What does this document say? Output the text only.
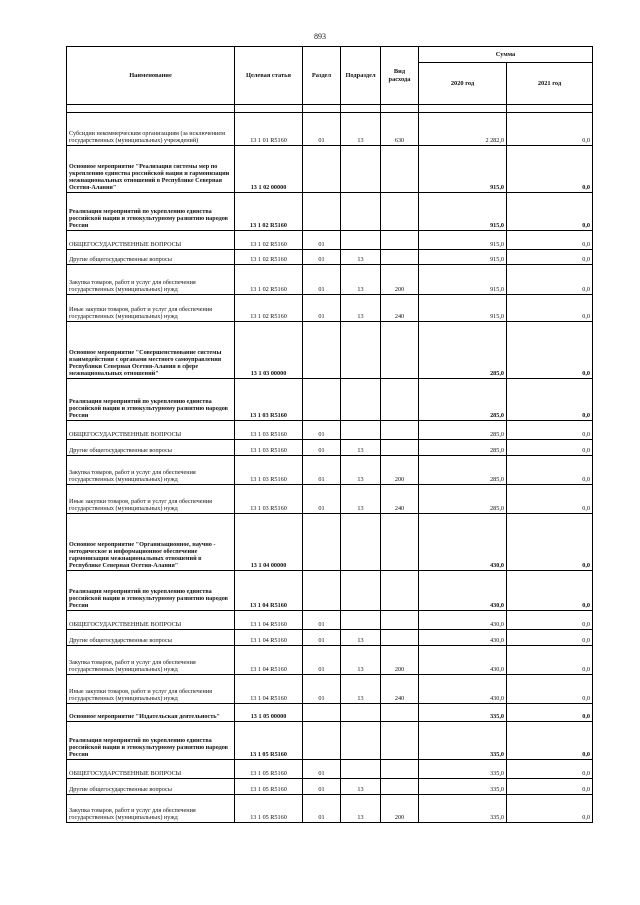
893
Наименование	Целевая статья	Раздел	Подраздел	Вид расхода	Сумма	
					2020 год	2021 год

Субсидии некоммерческим организациям (за исключением государственных (муниципальных) учреждений)	13 1 01 R5160	01	13	630	2 282,0	0,0
Основное мероприятие "Реализация системы мер по укреплению единства российской нации и гармонизации межнациональных отношений в Республике Северная Осетия-Алания"	13 1 02 00000				915,0	0,0
Реализация мероприятий по укреплению единства российской нации и этнокультурному развитию народов России	13 1 02 R5160				915,0	0,0
ОБЩЕГОСУДАРСТВЕННЫЕ ВОПРОСЫ	13 1 02 R5160	01			915,0	0,0
Другие общегосударственные вопросы	13 1 02 R5160	01	13		915,0	0,0
Закупка товаров, работ и услуг для обеспечения государственных (муниципальных) нужд	13 1 02 R5160	01	13	200	915,0	0,0
Иные закупки товаров, работ и услуг для обеспечения государственных (муниципальных) нужд	13 1 02 R5160	01	13	240	915,0	0,0
Основное мероприятие "Совершенствование системы взаимодействия с органами местного самоуправления Республики Северная Осетия-Алания в сфере межнациональных отношений"	13 1 03 00000				285,0	0,0
Реализация мероприятий по укреплению единства российской нации и этнокультурному развитию народов России	13 1 03 R5160				285,0	0,0
ОБЩЕГОСУДАРСТВЕННЫЕ ВОПРОСЫ	13 1 03 R5160	01			285,0	0,0
Другие общегосударственные вопросы	13 1 03 R5160	01	13		285,0	0,0
Закупка товаров, работ и услуг для обеспечения государственных (муниципальных) нужд	13 1 03 R5160	01	13	200	285,0	0,0
Иные закупки товаров, работ и услуг для обеспечения государственных (муниципальных) нужд	13 1 03 R5160	01	13	240	285,0	0,0
Основное мероприятие "Организационное, научно - методическое и информационное обеспечение гармонизации межнациональных отношений в Республике Северная Осетия-Алания"	13 1 04 00000				430,0	0,0
Реализация мероприятий по укреплению единства российской нации и этнокультурному развитию народов России	13 1 04 R5160				430,0	0,0
ОБЩЕГОСУДАРСТВЕННЫЕ ВОПРОСЫ	13 1 04 R5160	01			430,0	0,0
Другие общегосударственные вопросы	13 1 04 R5160	01	13		430,0	0,0
Закупка товаров, работ и услуг для обеспечения государственных (муниципальных) нужд	13 1 04 R5160	01	13	200	430,0	0,0
Иные закупки товаров, работ и услуг для обеспечения государственных (муниципальных) нужд	13 1 04 R5160	01	13	240	430,0	0,0
Основное мероприятие "Издательская деятельность"	13 1 05 00000				335,0	0,0
Реализация мероприятий по укреплению единства российской нации и этнокультурному развитию народов России	13 1 05 R5160				335,0	0,0
ОБЩЕГОСУДАРСТВЕННЫЕ ВОПРОСЫ	13 1 05 R5160	01			335,0	0,0
Другие общегосударственные вопросы	13 1 05 R5160	01	13		335,0	0,0
Закупка товаров, работ и услуг для обеспечения государственных (муниципальных) нужд	13 1 05 R5160	01	13	200	335,0	0,0
